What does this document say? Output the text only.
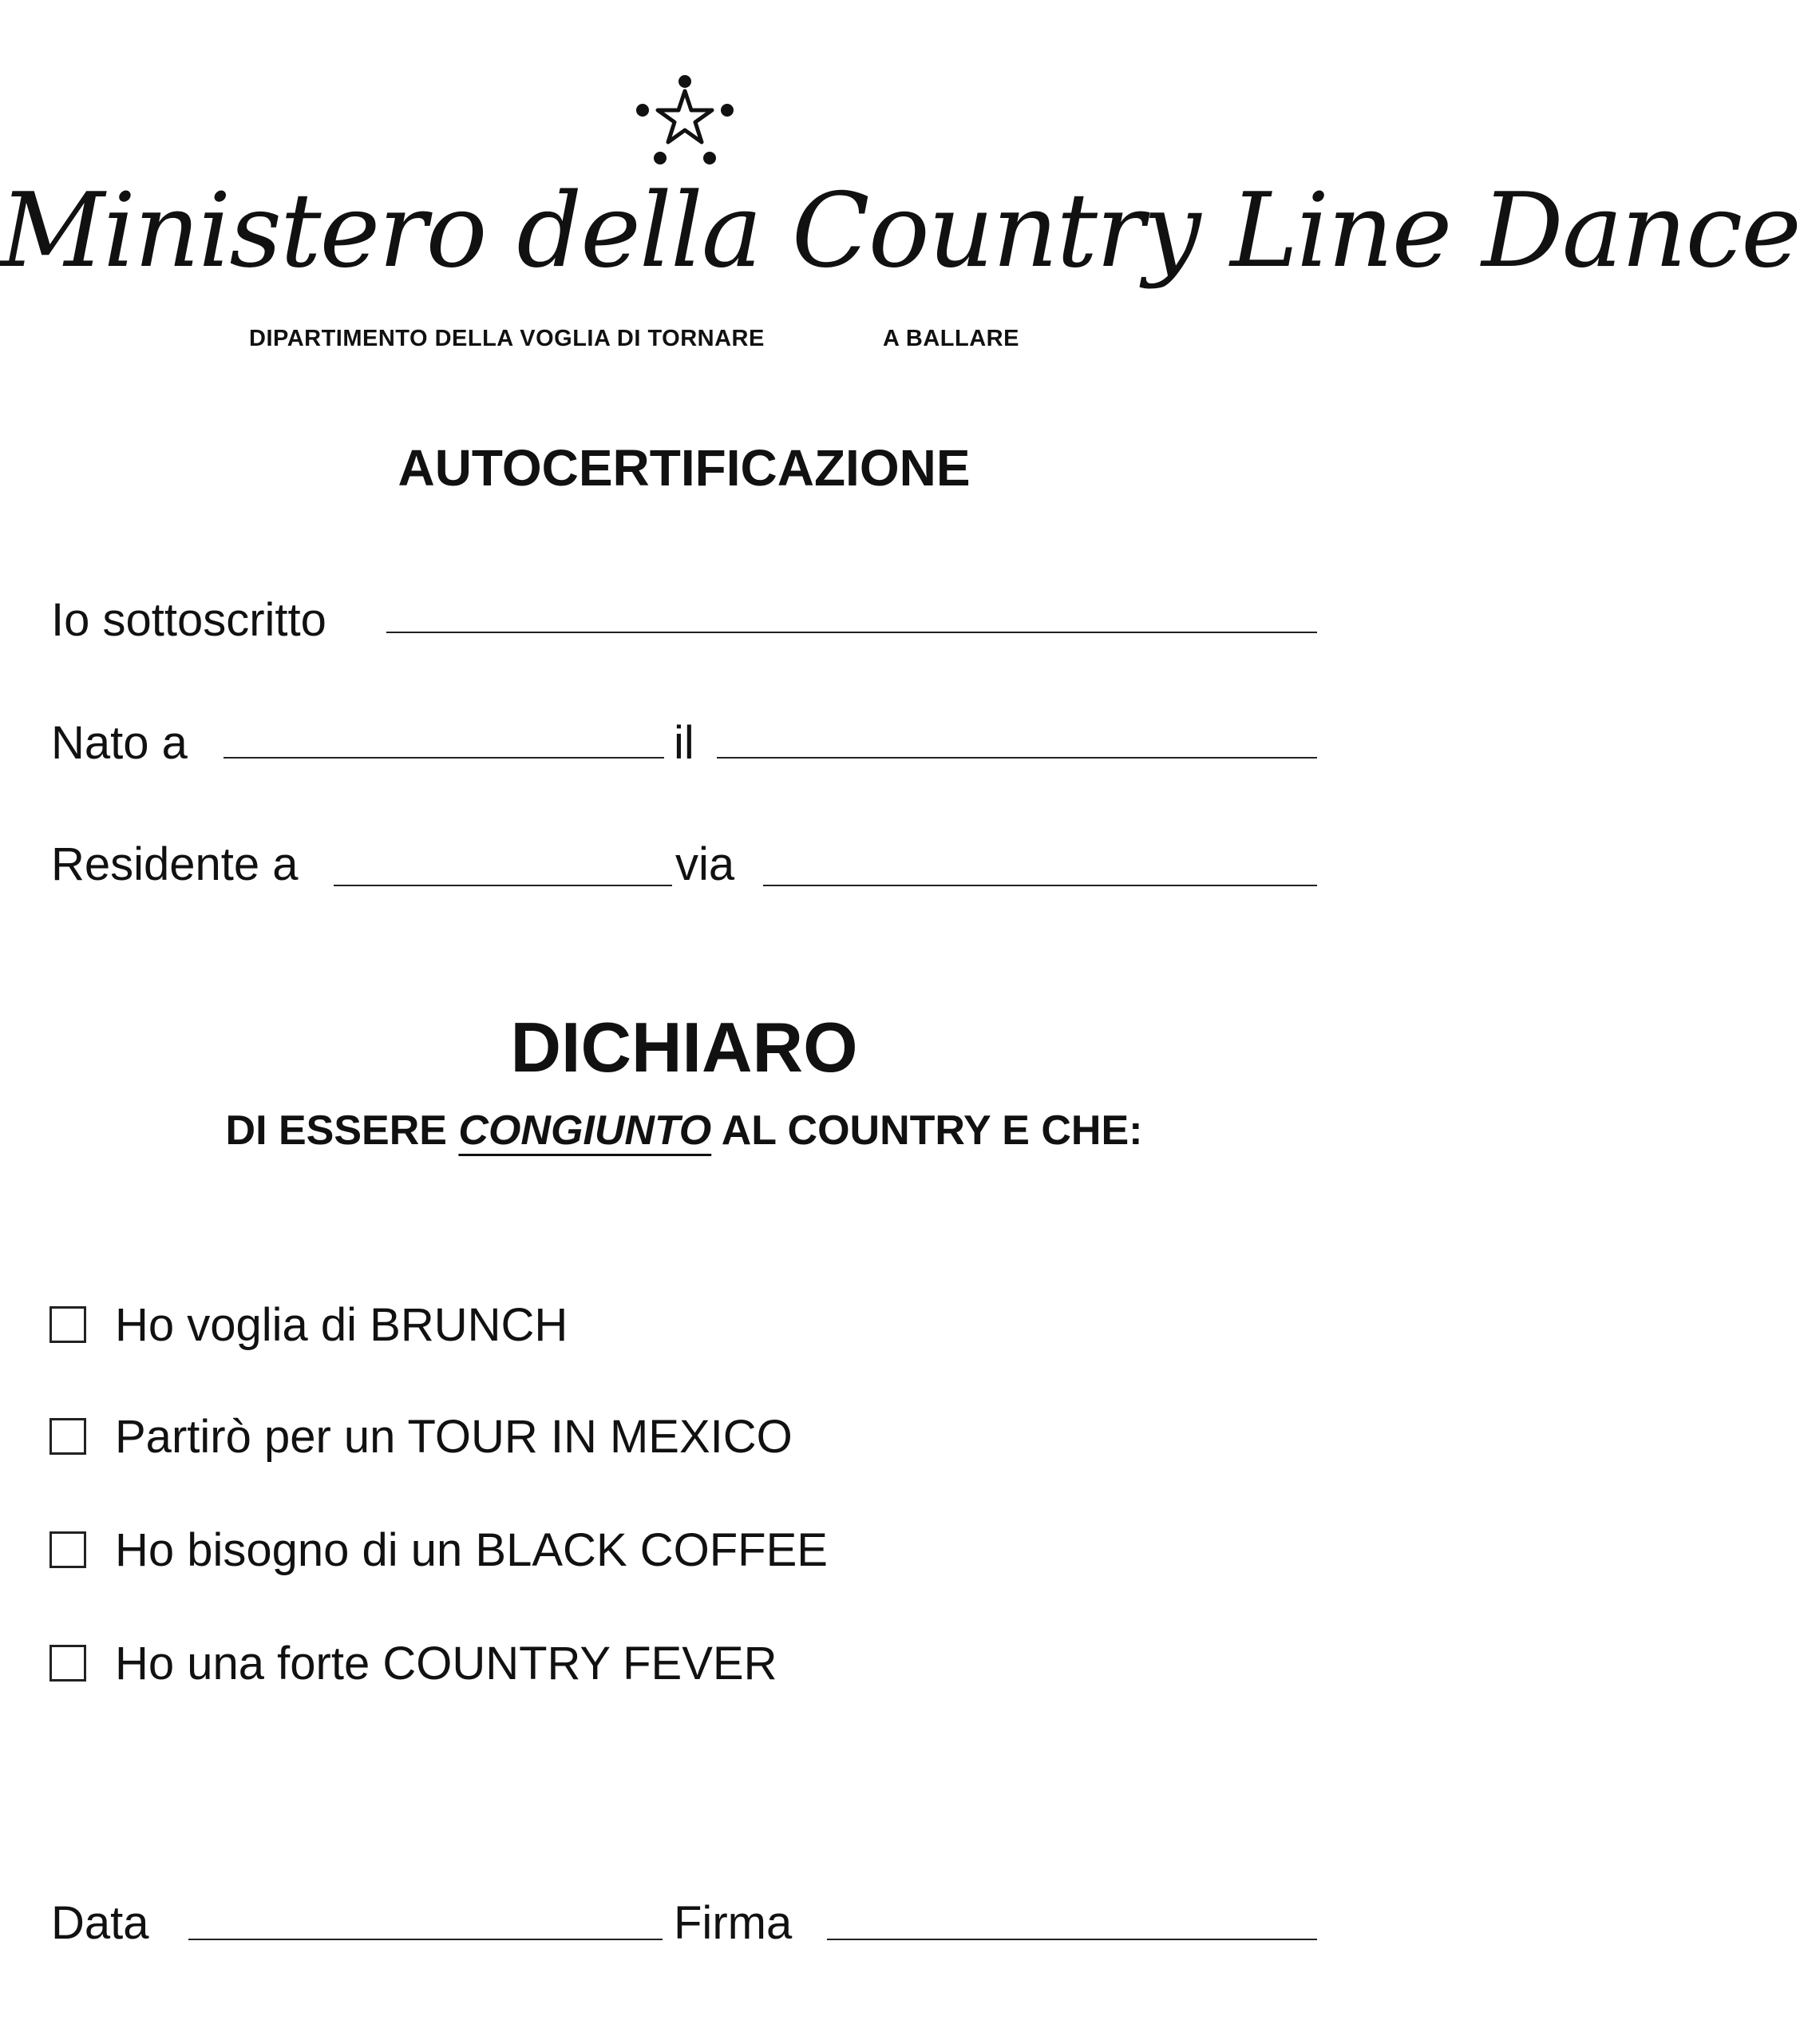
Ministero della Country Line Dance
DIPARTIMENTO DELLA VOGLIA DI TORNARE	A BALLARE
AUTOCERTIFICAZIONE
Io sottoscritto
Nato a	il
Residente a	via
DICHIARO
DI ESSERE CONGIUNTO AL COUNTRY E CHE:
Ho voglia di BRUNCH
Partirò per un TOUR IN MEXICO
Ho bisogno di un BLACK COFFEE
Ho una forte COUNTRY FEVER
Data	Firma
